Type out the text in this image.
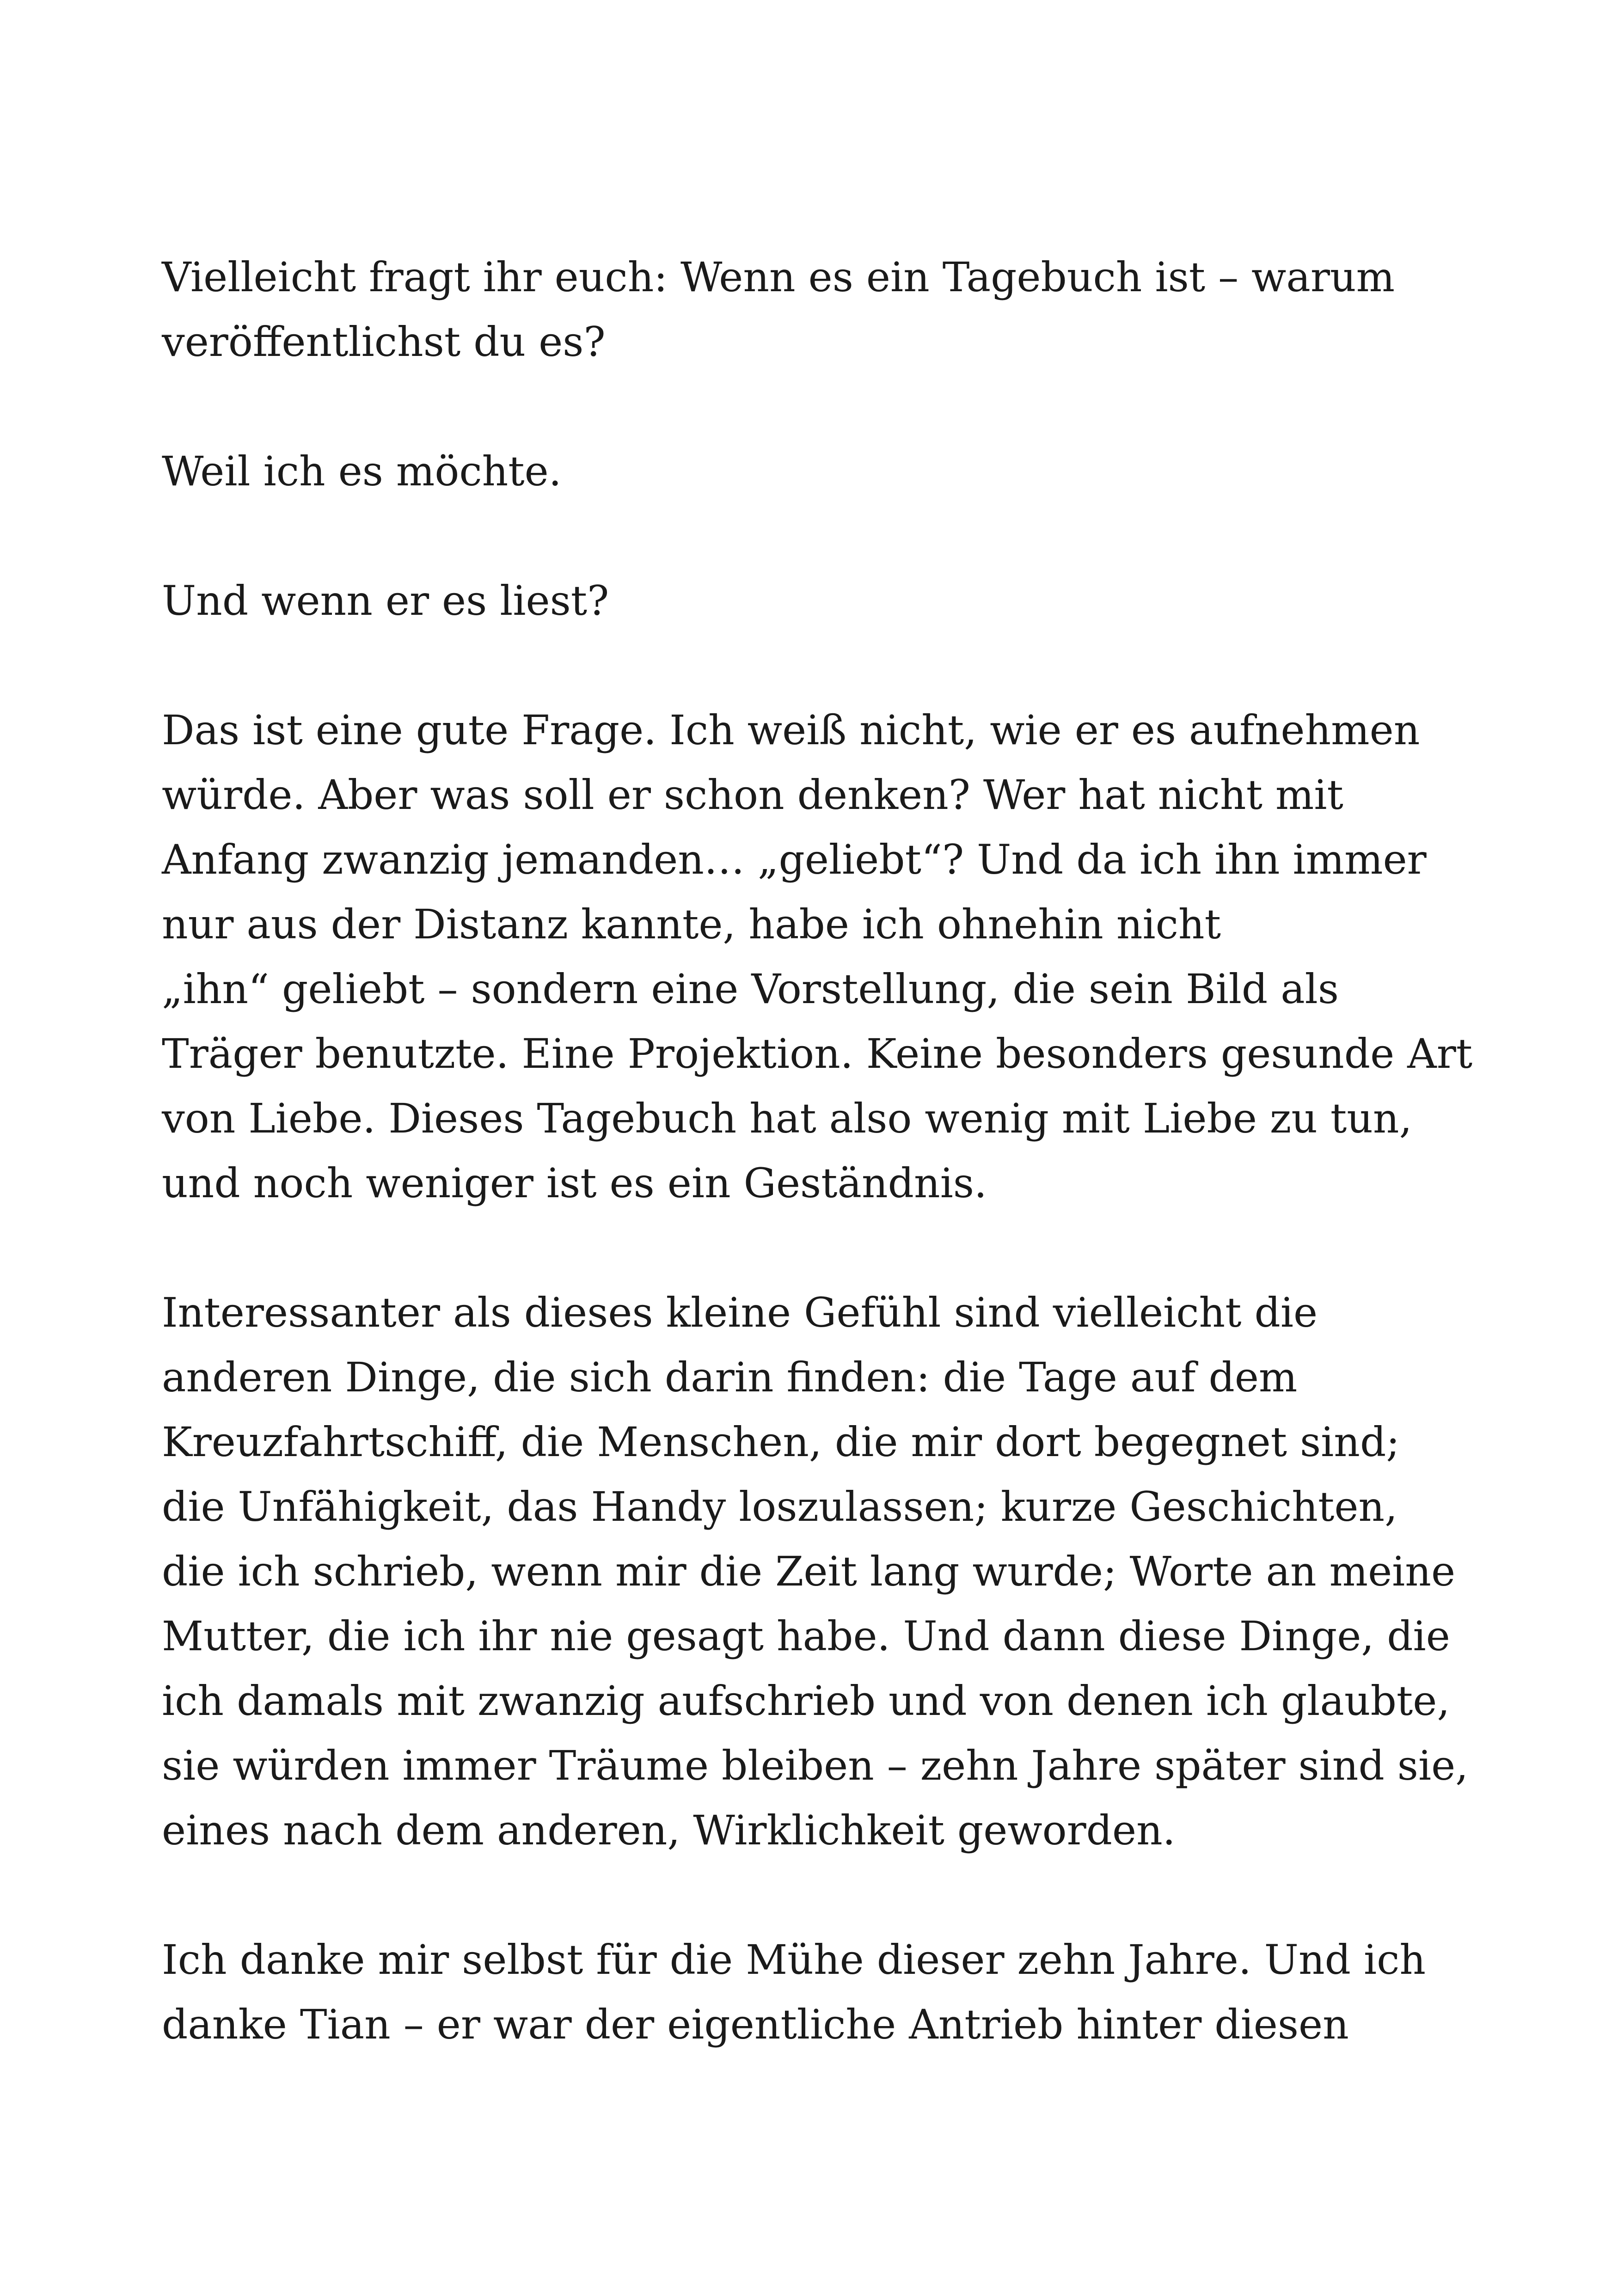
Vielleicht fragt ihr euch: Wenn es ein Tagebuch ist – warum
veröffentlichst du es?

Weil ich es möchte.

Und wenn er es liest?

Das ist eine gute Frage. Ich weiß nicht, wie er es aufnehmen
würde. Aber was soll er schon denken? Wer hat nicht mit
Anfang zwanzig jemanden… „geliebt“? Und da ich ihn immer
nur aus der Distanz kannte, habe ich ohnehin nicht
„ihn“ geliebt – sondern eine Vorstellung, die sein Bild als
Träger benutzte. Eine Projektion. Keine besonders gesunde Art
von Liebe. Dieses Tagebuch hat also wenig mit Liebe zu tun,
und noch weniger ist es ein Geständnis.

Interessanter als dieses kleine Gefühl sind vielleicht die
anderen Dinge, die sich darin finden: die Tage auf dem
Kreuzfahrtschiff, die Menschen, die mir dort begegnet sind;
die Unfähigkeit, das Handy loszulassen; kurze Geschichten,
die ich schrieb, wenn mir die Zeit lang wurde; Worte an meine
Mutter, die ich ihr nie gesagt habe. Und dann diese Dinge, die
ich damals mit zwanzig aufschrieb und von denen ich glaubte,
sie würden immer Träume bleiben – zehn Jahre später sind sie,
eines nach dem anderen, Wirklichkeit geworden.

Ich danke mir selbst für die Mühe dieser zehn Jahre. Und ich
danke Tian – er war der eigentliche Antrieb hinter diesen
